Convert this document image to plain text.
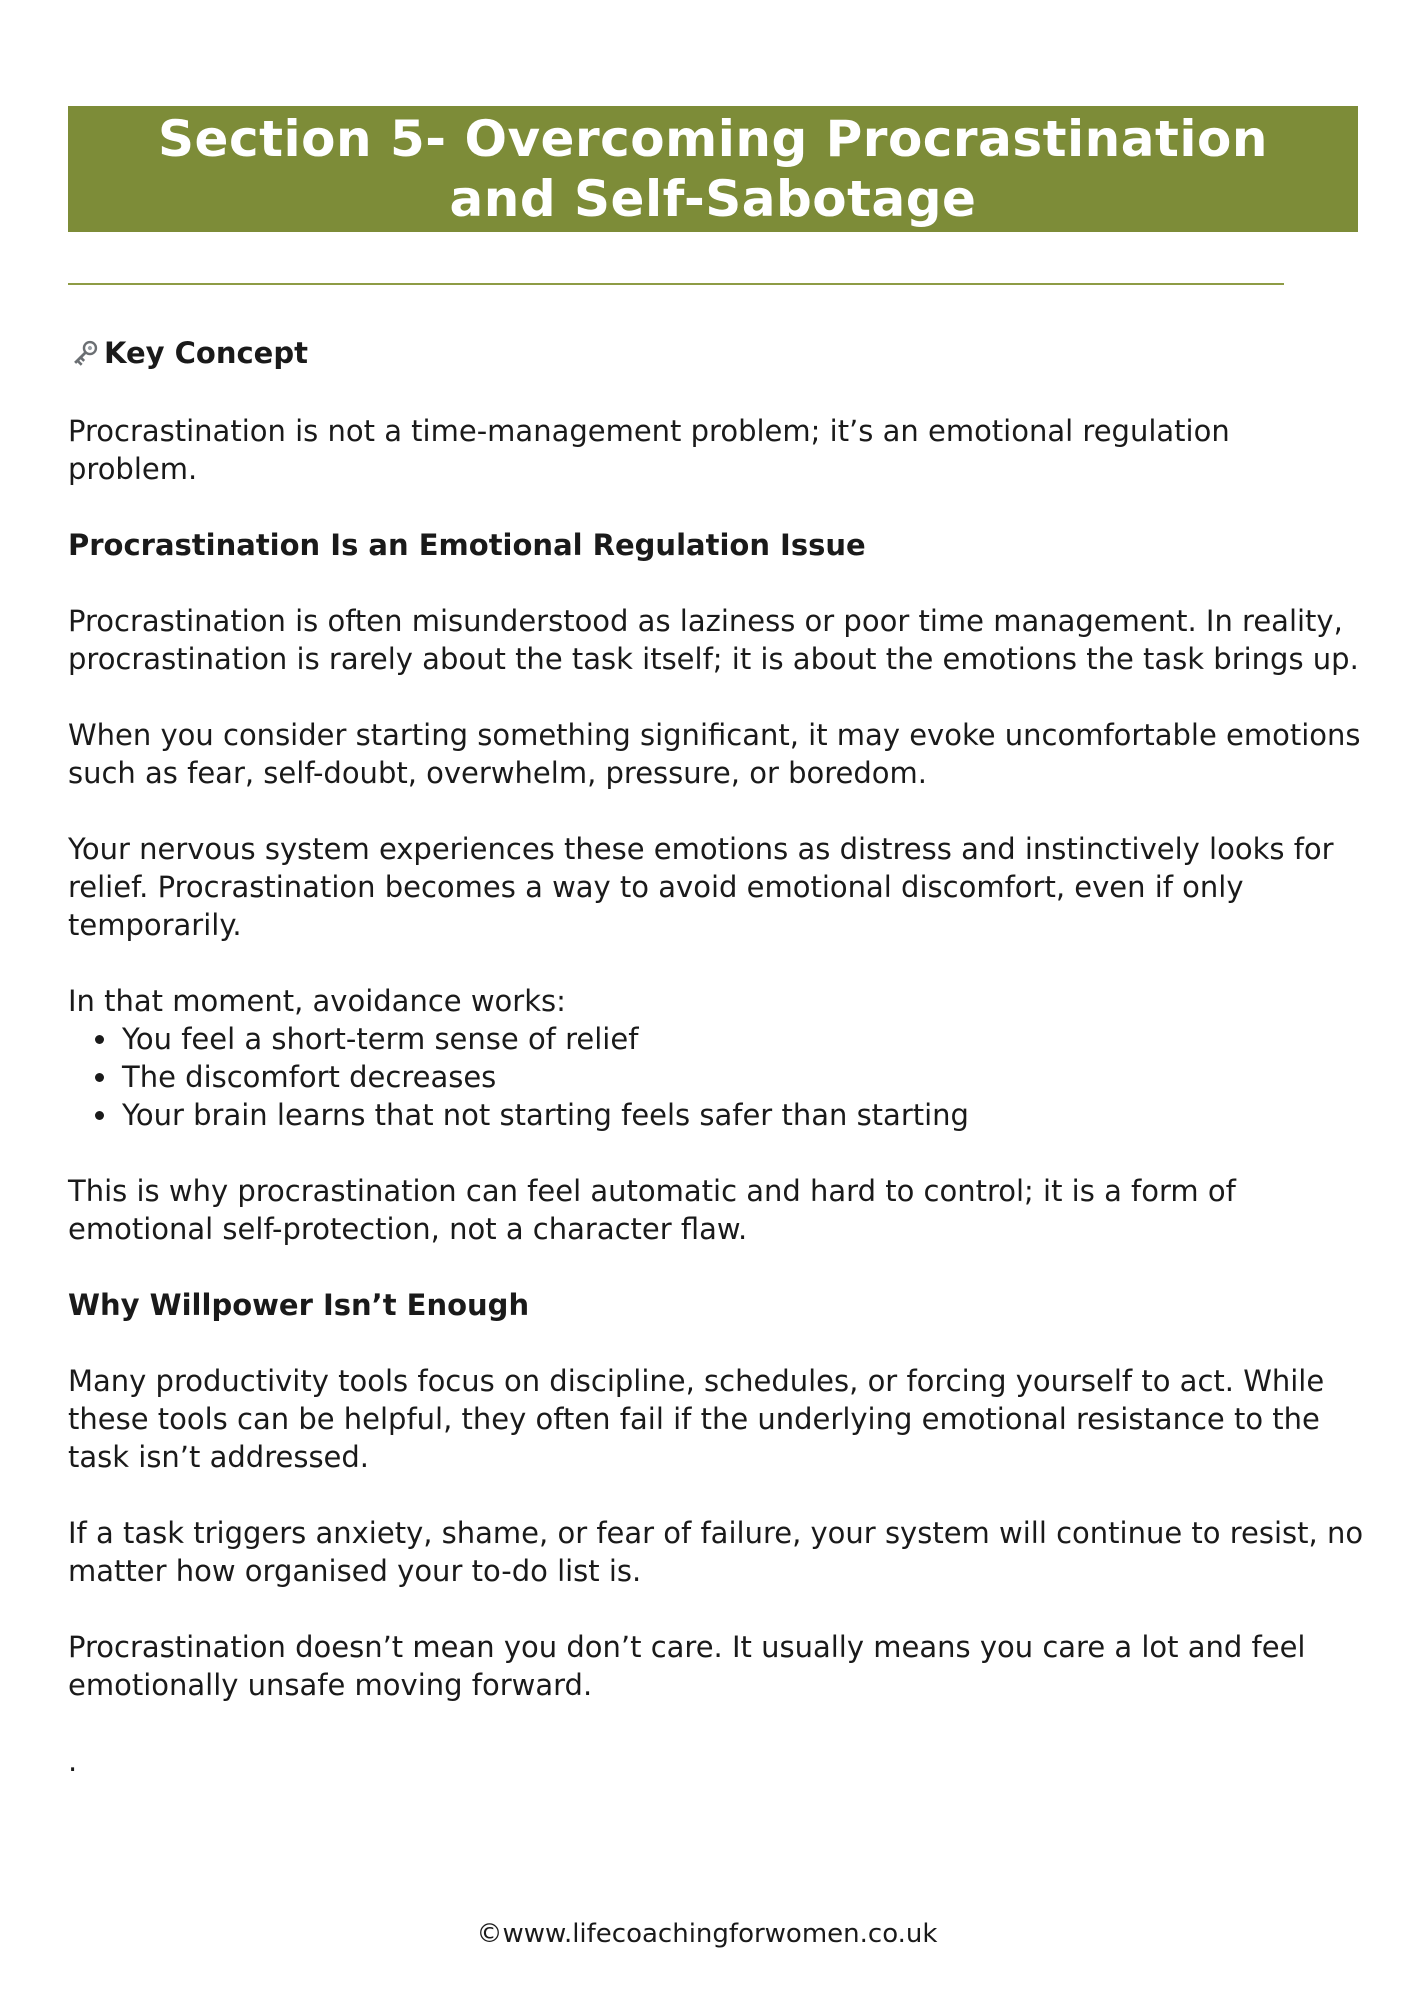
Section 5- Overcoming Procrastination
and Self-Sabotage
Key Concept

Procrastination is not a time-management problem; it’s an emotional regulation problem.

Procrastination Is an Emotional Regulation Issue

Procrastination is often misunderstood as laziness or poor time management. In reality, procrastination is rarely about the task itself; it is about the emotions the task brings up.

When you consider starting something significant, it may evoke uncomfortable emotions such as fear, self-doubt, overwhelm, pressure, or boredom.

Your nervous system experiences these emotions as distress and instinctively looks for relief. Procrastination becomes a way to avoid emotional discomfort, even if only temporarily.

In that moment, avoidance works:

• You feel a short-term sense of relief
• The discomfort decreases
• Your brain learns that not starting feels safer than starting

This is why procrastination can feel automatic and hard to control; it is a form of emotional self-protection, not a character flaw.

Why Willpower Isn’t Enough

Many productivity tools focus on discipline, schedules, or forcing yourself to act. While these tools can be helpful, they often fail if the underlying emotional resistance to the task isn’t addressed.

If a task triggers anxiety, shame, or fear of failure, your system will continue to resist, no matter how organised your to-do list is.

Procrastination doesn’t mean you don’t care. It usually means you care a lot and feel emotionally unsafe moving forward.

.

©www.lifecoachingforwomen.co.uk
